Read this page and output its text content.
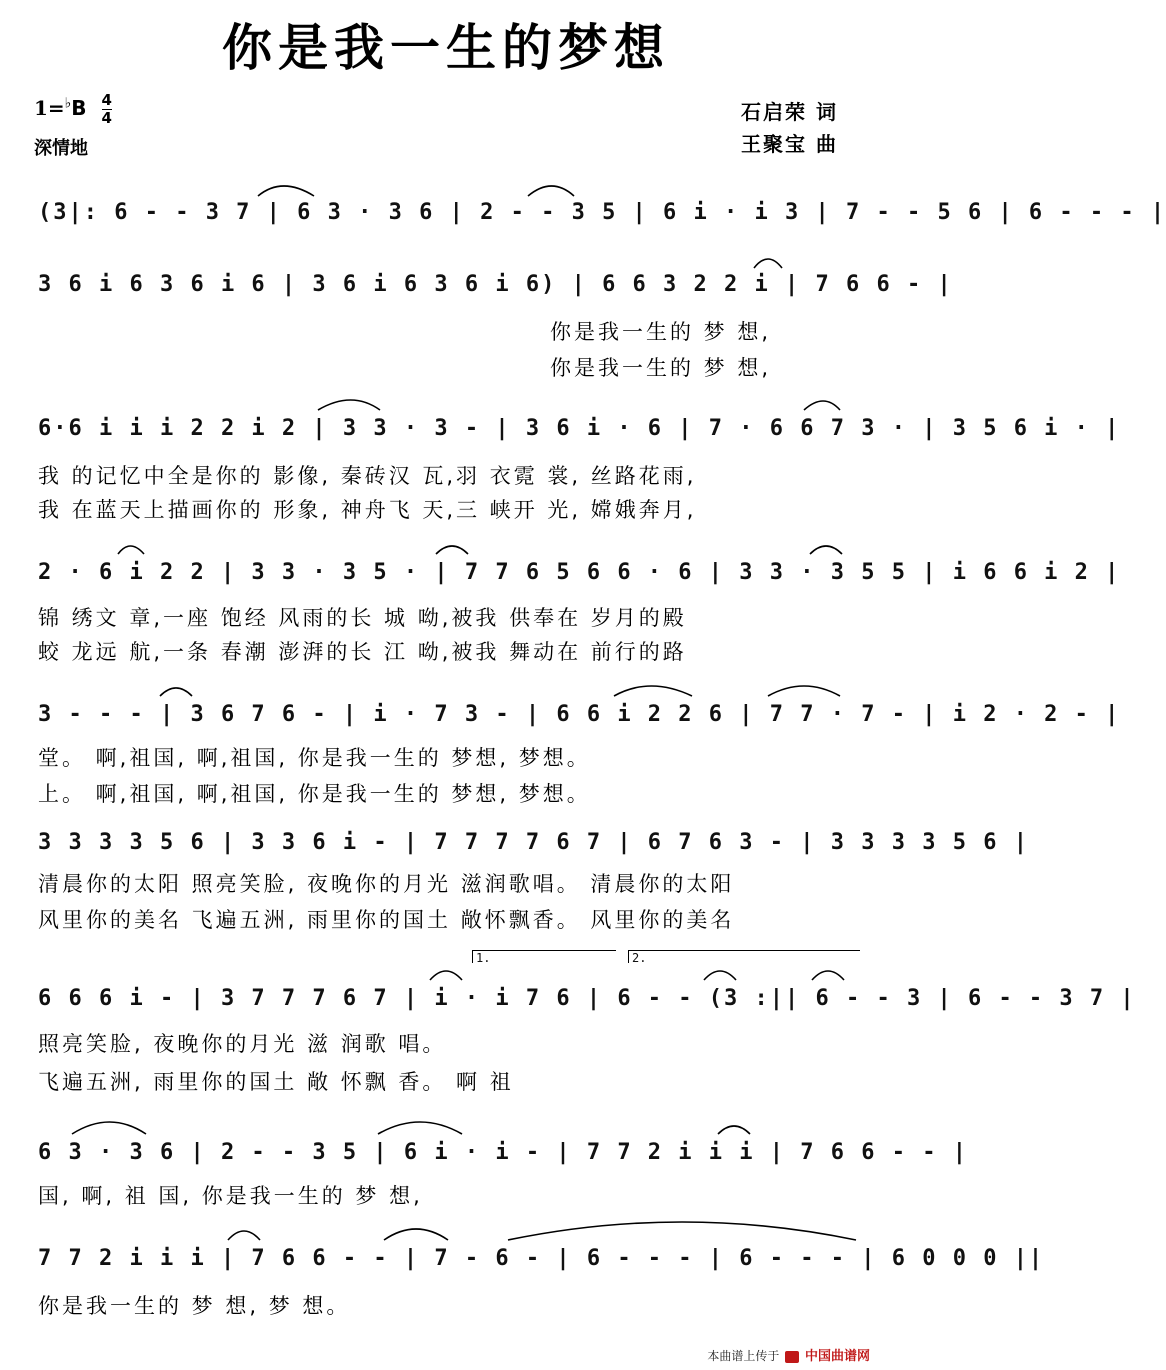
你是我一生的梦想
$1=^♭B \frac{4}{4}$
深情地
石启荣 词
王聚宝 曲
(3|: 6 - - 3 7 | 6 3 · 3 6 | 2 - - 3 5 | 6 i · i 3 | 7 - - 5 6 | 6 - - - |
3 6 i 6 3 6 i 6 | 3 6 i 6 3 6 i 6) | 6 6 3 2 2 i | 7 6 6 - |
你是我一生的 梦 想,
你是我一生的 梦 想,
6·6 i i i 2 2 i 2 | 3 3 · 3 - | 3 6 i · 6 | 7 · 6 6 7 3 · | 3 5 6 i · |
我 的记忆中全是你的 影像, 秦砖汉 瓦,羽 衣霓 裳, 丝路花雨,
我 在蓝天上描画你的 形象, 神舟飞 天,三 峡开 光, 嫦娥奔月,
2 · 6 i 2 2 | 3 3 · 3 5 · | 7 7 6 5 6 6 · 6 | 3 3 · 3 5 5 | i 6 6 i 2 |
锦 绣文 章,一座 饱经 风雨的长 城 呦,被我 供奉在 岁月的殿
蛟 龙远 航,一条 春潮 澎湃的长 江 呦,被我 舞动在 前行的路
3 - - - | 3 6 7 6 - | i · 7 3 - | 6 6 i 2 2 6 | 7 7 · 7 - | i 2 · 2 - |
堂。 啊,祖国, 啊,祖国, 你是我一生的 梦想, 梦想。
上。 啊,祖国, 啊,祖国, 你是我一生的 梦想, 梦想。
3 3 3 3 5 6 | 3 3 6 i - | 7 7 7 7 6 7 | 6 7 6 3 - | 3 3 3 3 5 6 |
清晨你的太阳 照亮笑脸, 夜晚你的月光 滋润歌唱。 清晨你的太阳
风里你的美名 飞遍五洲, 雨里你的国土 敞怀飘香。 风里你的美名
1.	2.
6 6 6 i - | 3 7 7 7 6 7 | i · i 7 6 | 6 - - (3 :|| 6 - - 3 | 6 - - 3 7 |
照亮笑脸, 夜晚你的月光 滋 润歌 唱。
飞遍五洲, 雨里你的国土 敞 怀飘 香。 啊 祖
6 3 · 3 6 | 2 - - 3 5 | 6 i · i - | 7 7 2 i i i | 7 6 6 - - |
国, 啊, 祖 国, 你是我一生的 梦 想,
7 7 2 i i i | 7 6 6 - - | 7 - 6 - | 6 - - - | 6 - - - | 6 0 0 0 ||
你是我一生的 梦 想, 梦 想。
本曲谱上传于 中国曲谱网
